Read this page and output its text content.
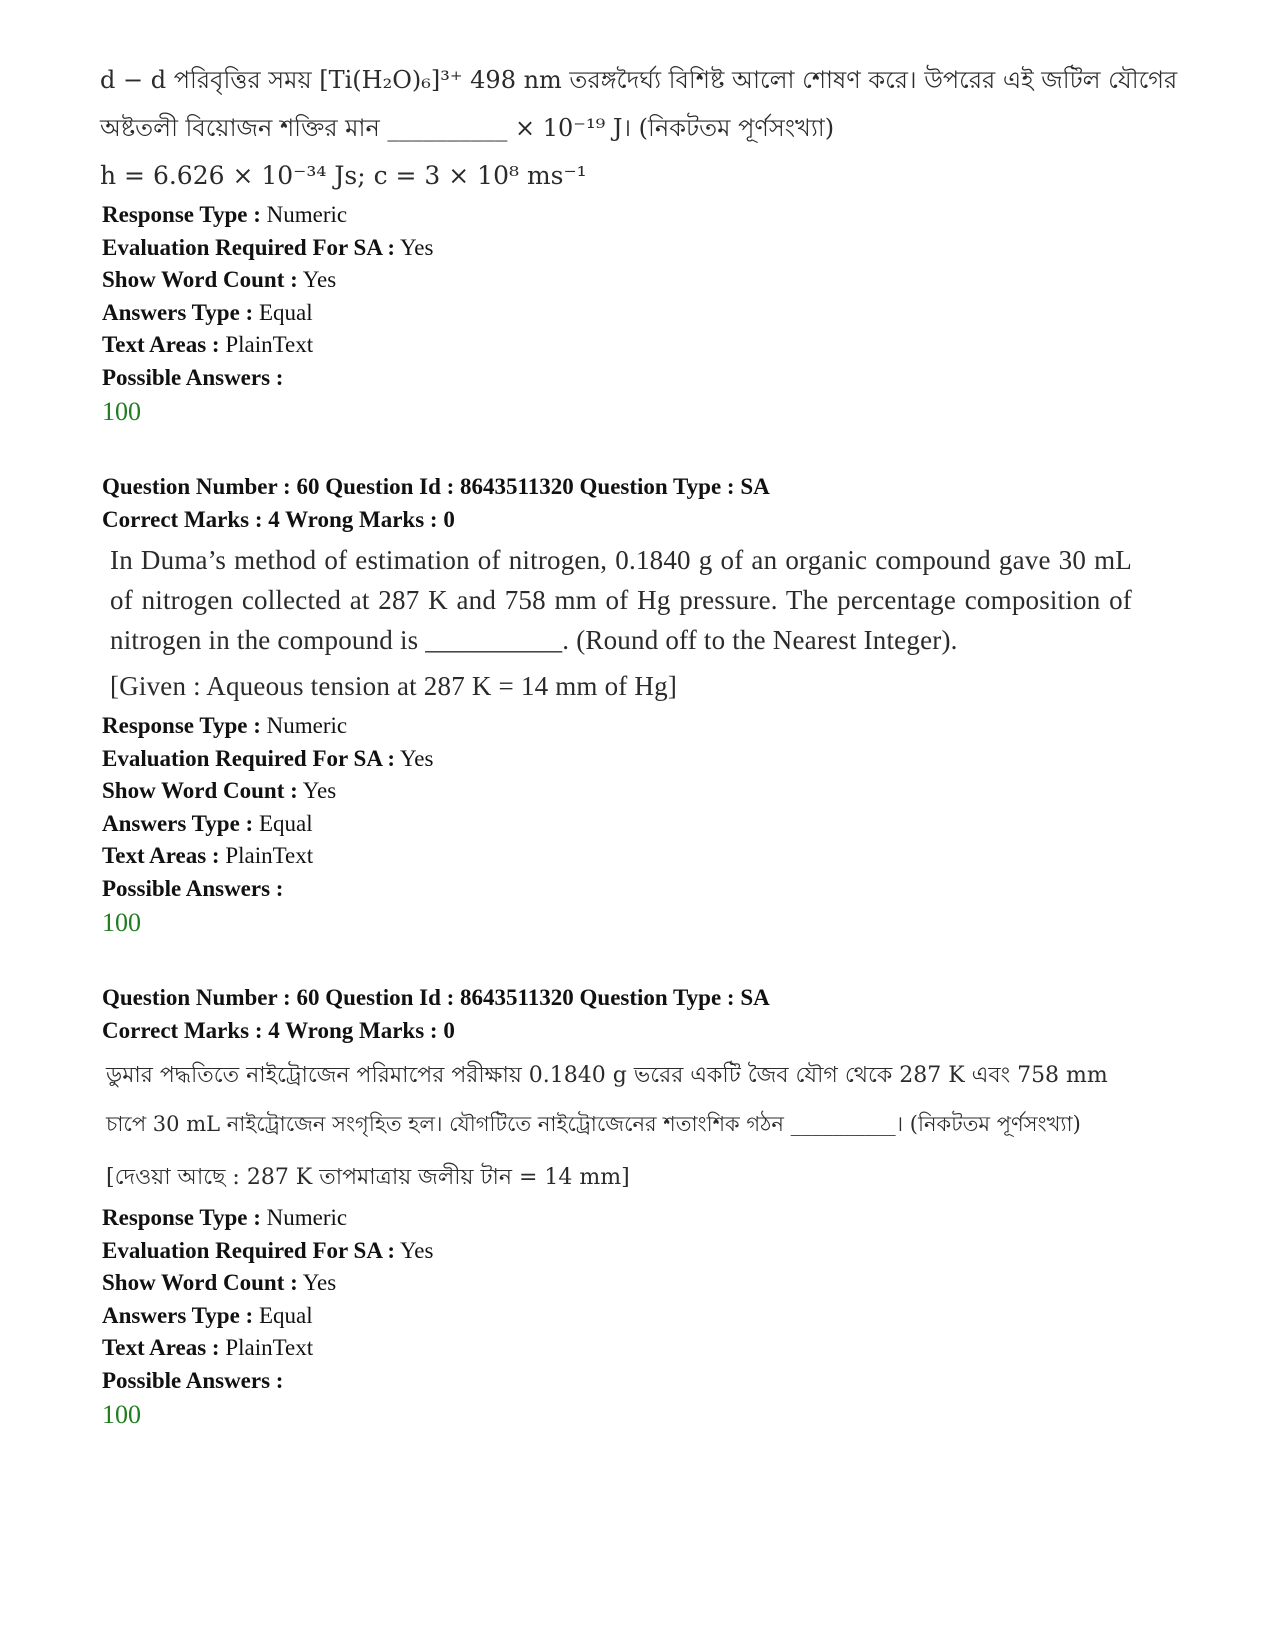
d − d পরিবৃত্তির সময় [Ti(H₂O)₆]³⁺ 498 nm তরঙ্গদৈর্ঘ্য বিশিষ্ট আলো শোষণ করে। উপরের এই জটিল যৌগের
অষ্টতলী বিয়োজন শক্তির মান __________ × 10⁻¹⁹ J। (নিকটতম পূর্ণসংখ্যা)
h = 6.626 × 10⁻³⁴ Js; c = 3 × 10⁸ ms⁻¹
Response Type : Numeric
Evaluation Required For SA : Yes
Show Word Count : Yes
Answers Type : Equal
Text Areas : PlainText
Possible Answers :
100
Question Number : 60 Question Id : 8643511320 Question Type : SA
Correct Marks : 4 Wrong Marks : 0
In Duma’s method of estimation of nitrogen, 0.1840 g of an organic compound gave 30 mL
of nitrogen collected at 287 K and 758 mm of Hg pressure. The percentage composition of
nitrogen in the compound is __________. (Round off to the Nearest Integer).
[Given : Aqueous tension at 287 K = 14 mm of Hg]
Response Type : Numeric
Evaluation Required For SA : Yes
Show Word Count : Yes
Answers Type : Equal
Text Areas : PlainText
Possible Answers :
100
Question Number : 60 Question Id : 8643511320 Question Type : SA
Correct Marks : 4 Wrong Marks : 0
ডুমার পদ্ধতিতে নাইট্রোজেন পরিমাপের পরীক্ষায় 0.1840 g ভরের একটি জৈব যৌগ থেকে 287 K এবং 758 mm
চাপে 30 mL নাইট্রোজেন সংগৃহিত হল। যৌগটিতে নাইট্রোজেনের শতাংশিক গঠন __________। (নিকটতম পূর্ণসংখ্যা)
[দেওয়া আছে : 287 K তাপমাত্রায় জলীয় টান = 14 mm]
Response Type : Numeric
Evaluation Required For SA : Yes
Show Word Count : Yes
Answers Type : Equal
Text Areas : PlainText
Possible Answers :
100
